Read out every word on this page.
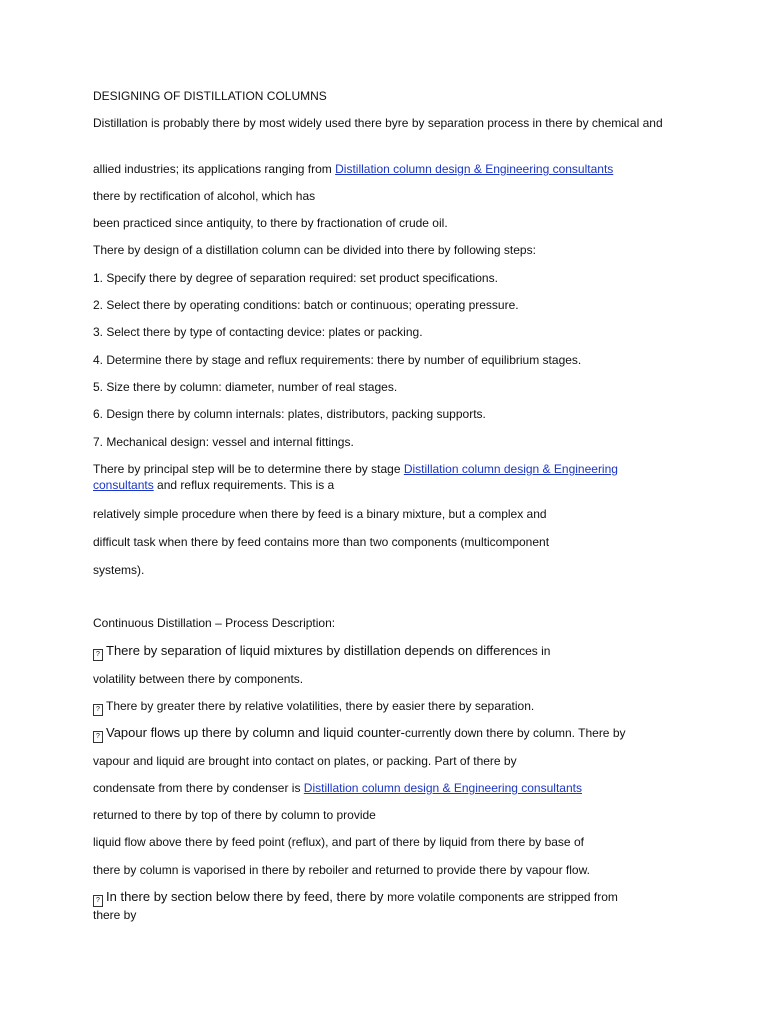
DESIGNING OF DISTILLATION COLUMNS
Distillation is probably there by most widely used there byre by separation process in there by chemical and
allied industries; its applications ranging from Distillation column design & Engineering consultants
there by rectification of alcohol, which has
been practiced since antiquity, to there by fractionation of crude oil.
There by design of a distillation column can be divided into there by following steps:
1. Specify there by degree of separation required: set product specifications.
2. Select there by operating conditions: batch or continuous; operating pressure.
3. Select there by type of contacting device: plates or packing.
4. Determine there by stage and reflux requirements: there by number of equilibrium stages.
5. Size there by column: diameter, number of real stages.
6. Design there by column internals: plates, distributors, packing supports.
7. Mechanical design: vessel and internal fittings.
There by principal step will be to determine there by stage Distillation column design & Engineering
consultants and reflux requirements. This is a
relatively simple procedure when there by feed is a binary mixture, but a complex and
difficult task when there by feed contains more than two components (multicomponent
systems).
Continuous Distillation – Process Description:
? There by separation of liquid mixtures by distillation depends on differences in
volatility between there by components.
? There by greater there by relative volatilities, there by easier there by separation.
? Vapour flows up there by column and liquid counter-currently down there by column. There by
vapour and liquid are brought into contact on plates, or packing. Part of there by
condensate from there by condenser is Distillation column design & Engineering consultants
returned to there by top of there by column to provide
liquid flow above there by feed point (reflux), and part of there by liquid from there by base of
there by column is vaporised in there by reboiler and returned to provide there by vapour flow.
? In there by section below there by feed, there by more volatile components are stripped from
there by
